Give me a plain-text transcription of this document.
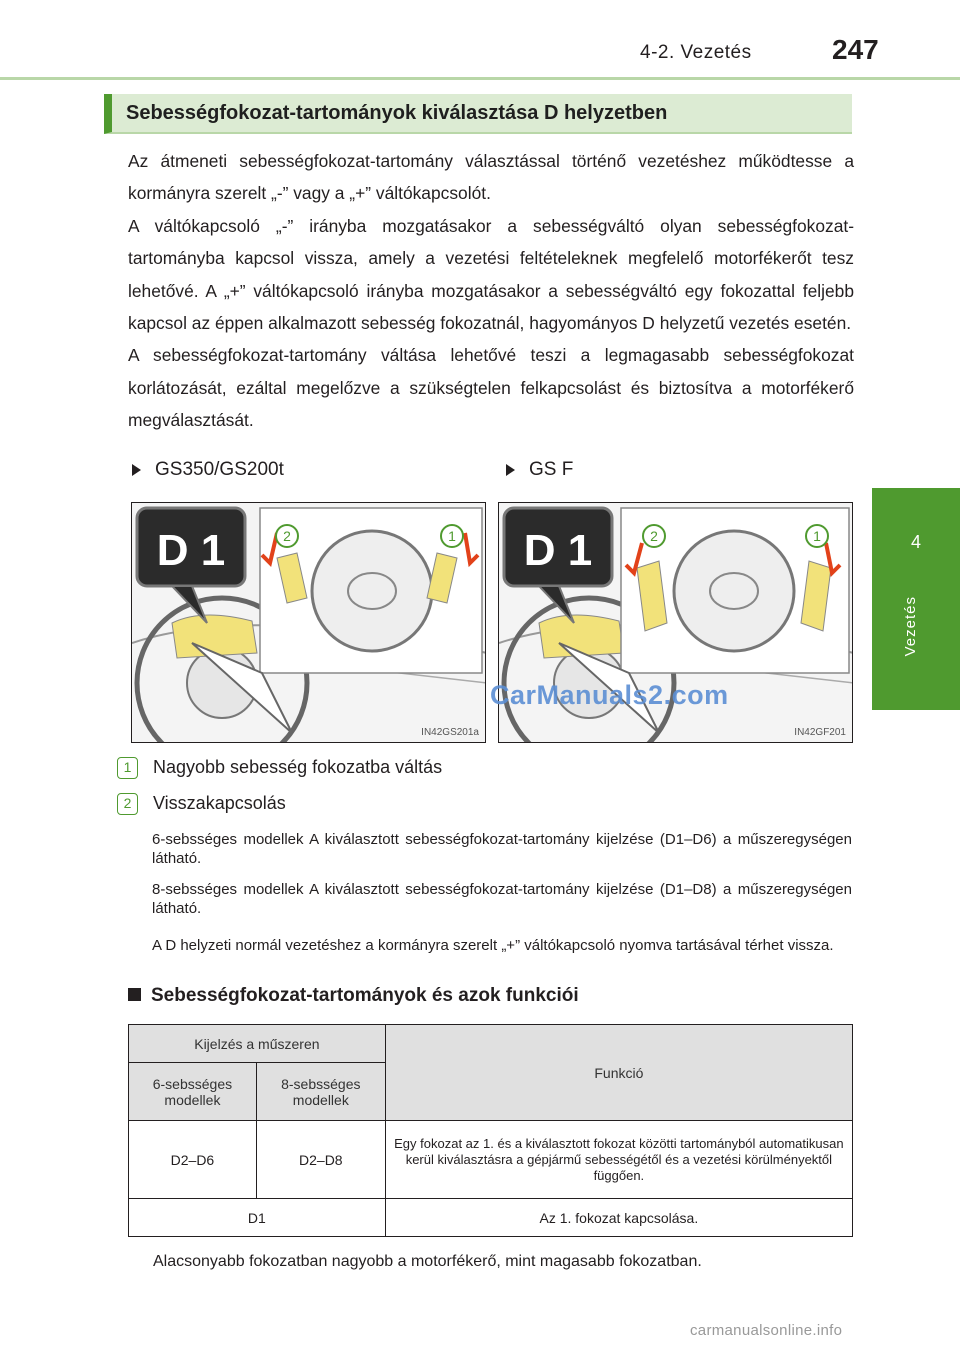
4-2. Vezetés	247
4
Vezetés
Sebességfokozat-tartományok kiválasztása D helyzetben

Az átmeneti sebességfokozat-tartomány választással történő vezetéshez működtesse a kormányra szerelt „-” vagy a „+” váltókapcsolót.

A váltókapcsoló „-” irányba mozgatásakor a sebességváltó olyan sebességfokozat-tartományba kapcsol vissza, amely a vezetési feltételeknek megfelelő motorfékerőt tesz lehetővé. A „+” váltókapcsoló irányba mozgatásakor a sebességváltó egy fokozattal feljebb kapcsol az éppen alkalmazott sebesség fokozatnál, hagyományos D helyzetű vezetés esetén.

A sebességfokozat-tartomány váltása lehetővé teszi a legmagasabb sebességfokozat korlátozását, ezáltal megelőzve a szükségtelen felkapcsolást és biztosítva a motorfékerő megválasztását.

GS350/GS200t	GS F
2	1
D 1
IN42GS201a
2	1
D 1
IN42GF201
CarManuals2.com
1 Nagyobb sebesség fokozatba váltás
2 Visszakapcsolás
6-sebsséges modellek A kiválasztott sebességfokozat-tartomány kijelzése (D1–D6) a műszeregységen látható.
8-sebsséges modellek A kiválasztott sebességfokozat-tartomány kijelzése (D1–D8) a műszeregységen látható.
A D helyzeti normál vezetéshez a kormányra szerelt „+” váltókapcsoló nyomva tartásával térhet vissza.
Sebességfokozat-tartományok és azok funkciói
Kijelzés a műszeren		Funkció
6-sebsséges modellek	8-sebsséges modellek	
D2–D6	D2–D8	Egy fokozat az 1. és a kiválasztott fokozat közötti tartományból automatikusan kerül kiválasztásra a gépjármű sebességétől és a vezetési körülményektől függően.
D1		Az 1. fokozat kapcsolása.
Alacsonyabb fokozatban nagyobb a motorfékerő, mint magasabb fokozatban.
carmanualsonline.info
